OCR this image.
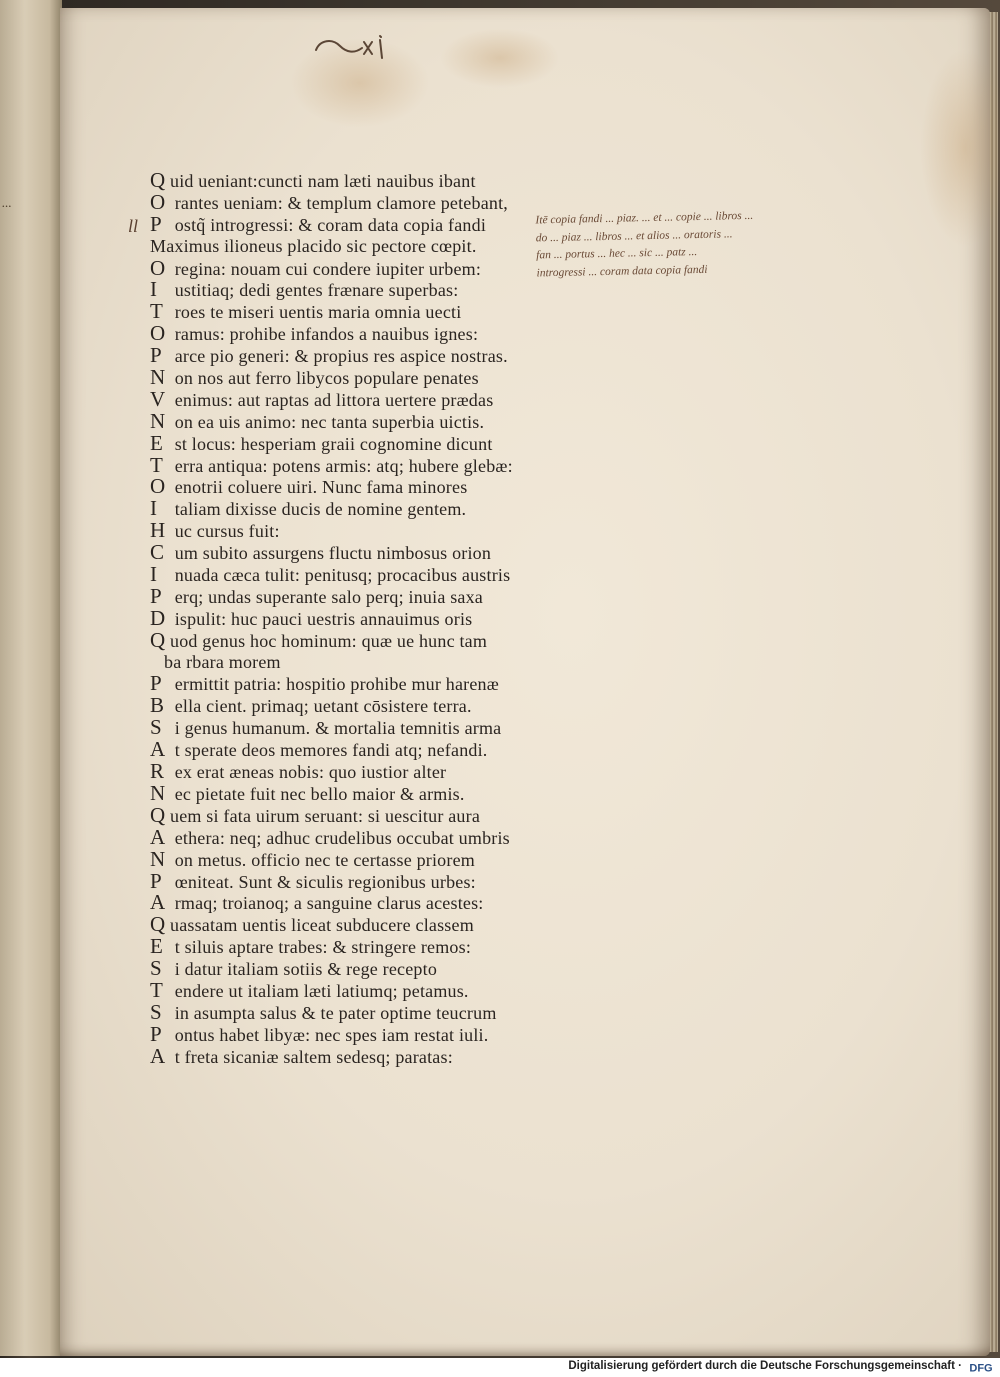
...
ll
Q uid ueniant:cuncti nam læti nauibus ibant
O rantes ueniam: & templum clamore petebant,
P ostq̃ introgressi: & coram data copia fandi
Maximus ilioneus placido sic pectore cœpit.
O regina: nouam cui condere iupiter urbem:
I ustitiaq; dedi gentes frænare superbas:
T roes te miseri uentis maria omnia uecti
O ramus: prohibe infandos a nauibus ignes:
P arce pio generi: & propius res aspice nostras.
N on nos aut ferro libycos populare penates
V enimus: aut raptas ad littora uertere prædas
N on ea uis animo: nec tanta superbia uictis.
E st locus: hesperiam graii cognomine dicunt
T erra antiqua: potens armis: atq; hubere glebæ:
O enotrii coluere uiri. Nunc fama minores
I taliam dixisse ducis de nomine gentem.
H uc cursus fuit:
C um subito assurgens fluctu nimbosus orion
I nuada cæca tulit: penitusq; procacibus austris
P erq; undas superante salo perq; inuia saxa
D ispulit: huc pauci uestris annauimus oris
Q uod genus hoc hominum: quæ ue hunc tam
ba rbara morem
P ermittit patria: hospitio prohibe mur harenæ
B ella cient. primaq; uetant cōsistere terra.
S i genus humanum. & mortalia temnitis arma
A t sperate deos memores fandi atq; nefandi.
R ex erat æneas nobis: quo iustior alter
N ec pietate fuit nec bello maior & armis.
Q uem si fata uirum seruant: si uescitur aura
A ethera: neq; adhuc crudelibus occubat umbris
N on metus. officio nec te certasse priorem
P œniteat. Sunt & siculis regionibus urbes:
A rmaq; troianoq; a sanguine clarus acestes:
Q uassatam uentis liceat subducere classem
E t siluis aptare trabes: & stringere remos:
S i datur italiam sotiis & rege recepto
T endere ut italiam læti latiumq; petamus.
S in asumpta salus & te pater optime teucrum
P ontus habet libyæ: nec spes iam restat iuli.
A t freta sicaniæ saltem sedesq; paratas:
Itē copia fandi ... piaz. ... et ... copie ... libros ...
do ... piaz ... libros ... et alios ... oratoris ...
fan ... portus ... hec ... sic ... patz ...
introgressi ... coram data copia fandi
Digitalisierung gefördert durch die Deutsche Forschungsgemeinschaft · DFG
